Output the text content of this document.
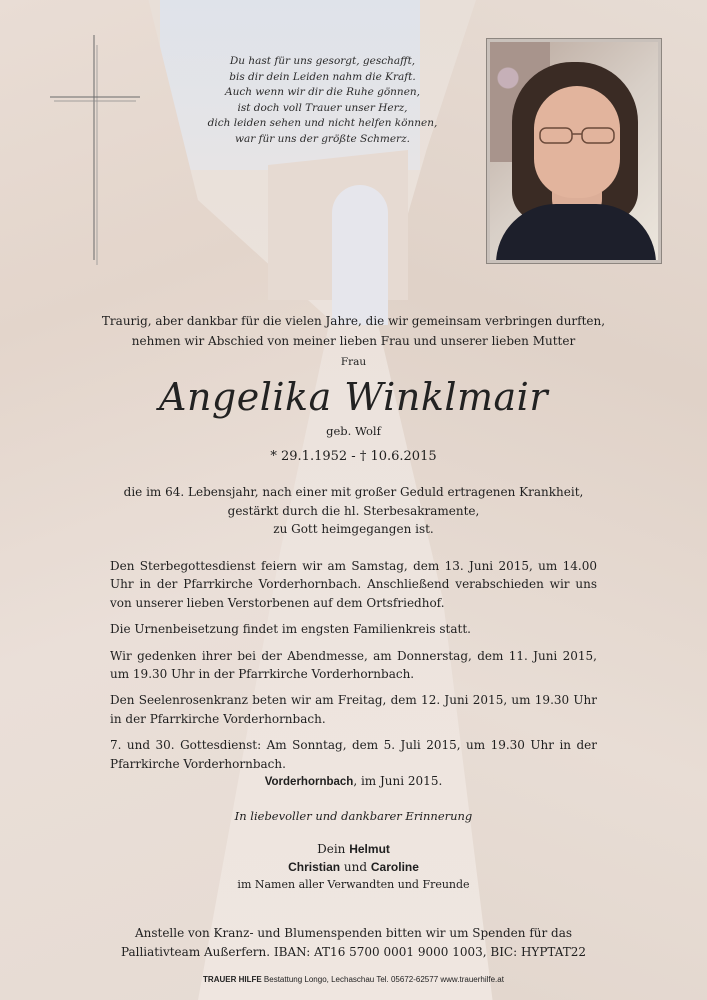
Du hast für uns gesorgt, geschafft,
bis dir dein Leiden nahm die Kraft.
Auch wenn wir dir die Ruhe gönnen,
ist doch voll Trauer unser Herz,
dich leiden sehen und nicht helfen können,
war für uns der größte Schmerz.
Traurig, aber dankbar für die vielen Jahre, die wir gemeinsam verbringen durften,
nehmen wir Abschied von meiner lieben Frau und unserer lieben Mutter
Frau
Angelika Winklmair
geb. Wolf
* 29.1.1952 - † 10.6.2015
die im 64. Lebensjahr, nach einer mit großer Geduld ertragenen Krankheit,
gestärkt durch die hl. Sterbesakramente,
zu Gott heimgegangen ist.

Den Sterbegottesdienst feiern wir am Samstag, dem 13. Juni 2015, um 14.00 Uhr in der Pfarrkirche Vorderhornbach. Anschließend verabschieden wir uns von unserer lieben Verstorbenen auf dem Ortsfriedhof.

Die Urnenbeisetzung findet im engsten Familienkreis statt.

Wir gedenken ihrer bei der Abendmesse, am Donnerstag, dem 11. Juni 2015, um 19.30 Uhr in der Pfarrkirche Vorderhornbach.

Den Seelenrosenkranz beten wir am Freitag, dem 12. Juni 2015, um 19.30 Uhr in der Pfarrkirche Vorderhornbach.

7. und 30. Gottesdienst: Am Sonntag, dem 5. Juli 2015, um 19.30 Uhr in der Pfarrkirche Vorderhornbach.

Vorderhornbach, im Juni 2015.
In liebevoller und dankbarer Erinnerung
Dein Helmut
Christian und Caroline
im Namen aller Verwandten und Freunde
Anstelle von Kranz- und Blumenspenden bitten wir um Spenden für das
Palliativteam Außerfern. IBAN: AT16 5700 0001 9000 1003, BIC: HYPTAT22
TRAUER HILFE Bestattung Longo, Lechaschau Tel. 05672-62577 www.trauerhilfe.at
